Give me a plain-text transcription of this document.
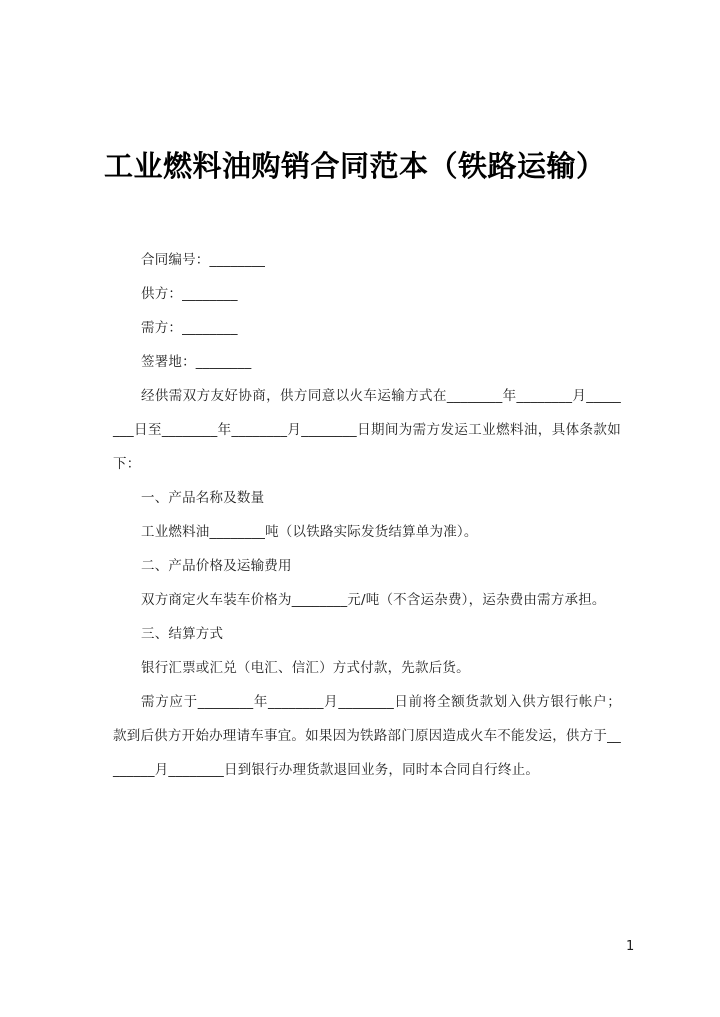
工业燃料油购销合同范本（铁路运输）

合同编号：________

供方：________

需方：________

签署地：________

经供需双方友好协商，供方同意以火车运输方式在________年________月________日至________年________月________日期间为需方发运工业燃料油，具体条款如下：

一、产品名称及数量

工业燃料油________吨（以铁路实际发货结算单为准）。

二、产品价格及运输费用

双方商定火车装车价格为________元/吨（不含运杂费），运杂费由需方承担。

三、结算方式

银行汇票或汇兑（电汇、信汇）方式付款，先款后货。

需方应于________年________月________日前将全额货款划入供方银行帐户；款到后供方开始办理请车事宜。如果因为铁路部门原因造成火车不能发运，供方于________月________日到银行办理货款退回业务，同时本合同自行终止。

1
